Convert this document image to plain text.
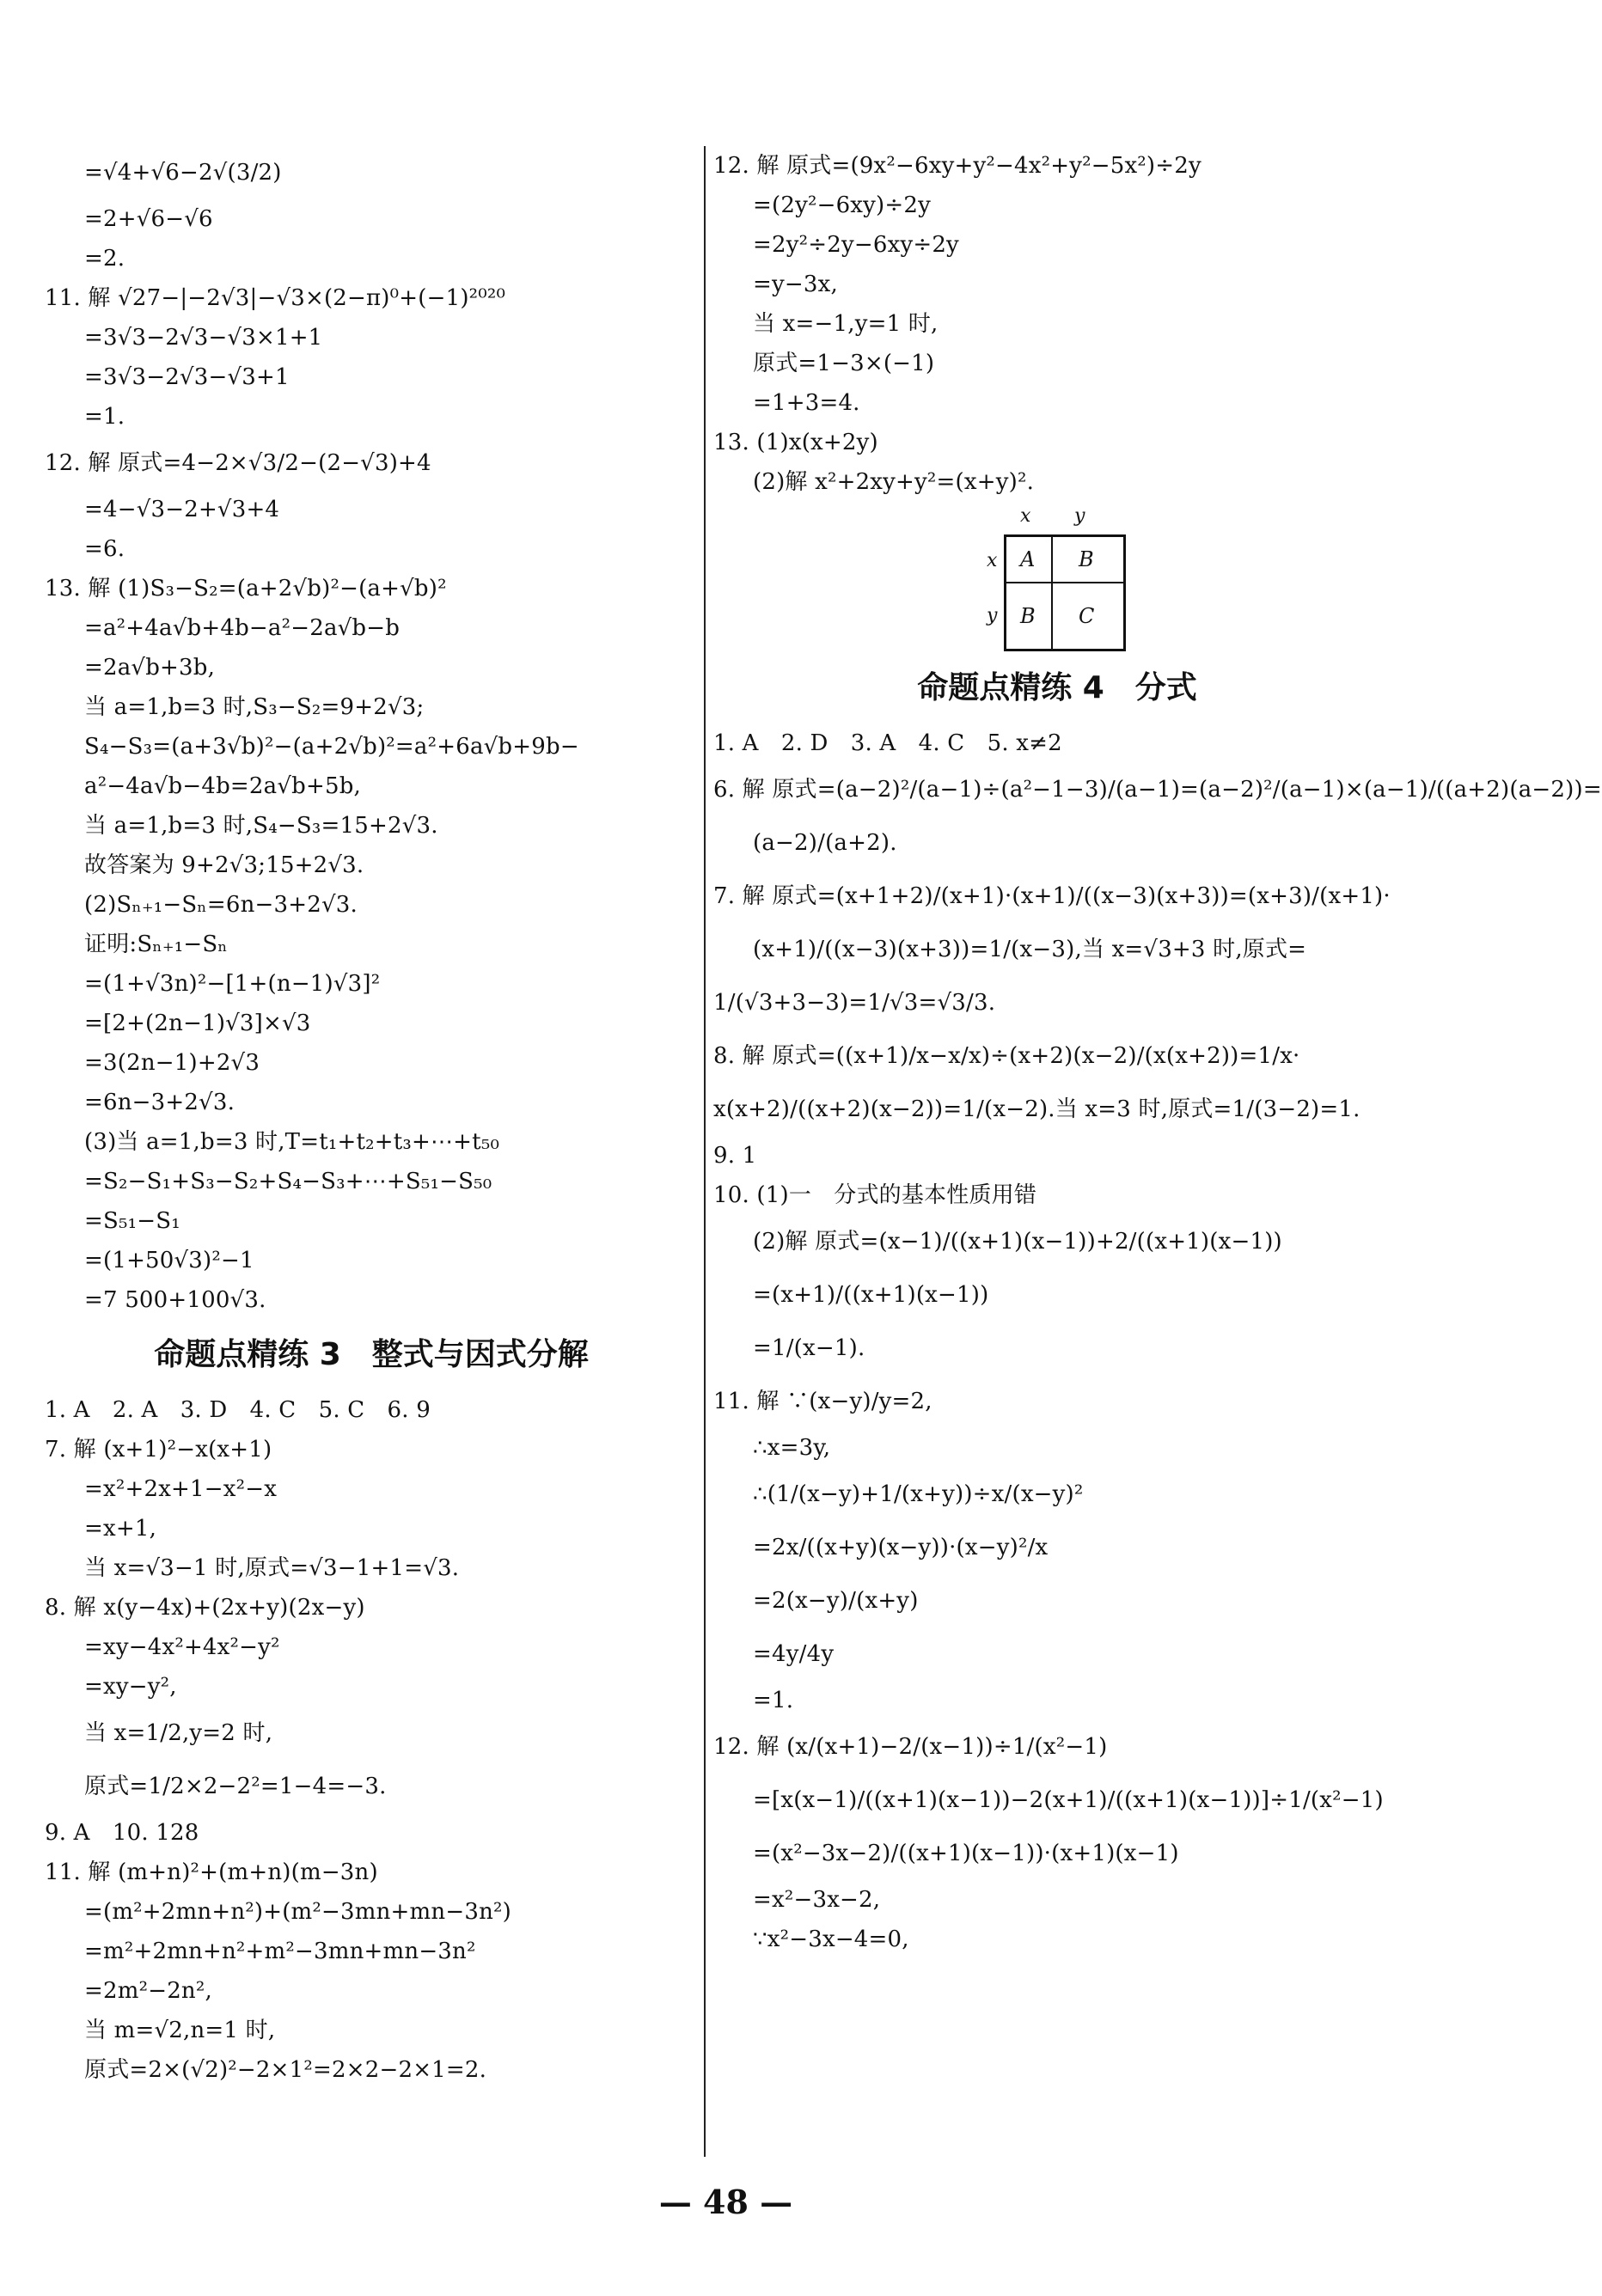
=√4+√6−2√(3/2)
=2+√6−√6
=2.
11. 解 √27−|−2√3|−√3×(2−π)⁰+(−1)²⁰²⁰
=3√3−2√3−√3×1+1
=3√3−2√3−√3+1
=1.
12. 解 原式=4−2×√3/2−(2−√3)+4
=4−√3−2+√3+4
=6.
13. 解 (1)S₃−S₂=(a+2√b)²−(a+√b)²
=a²+4a√b+4b−a²−2a√b−b
=2a√b+3b,
当 a=1,b=3 时,S₃−S₂=9+2√3;
S₄−S₃=(a+3√b)²−(a+2√b)²=a²+6a√b+9b−
a²−4a√b−4b=2a√b+5b,
当 a=1,b=3 时,S₄−S₃=15+2√3.
故答案为 9+2√3;15+2√3.
(2)Sₙ₊₁−Sₙ=6n−3+2√3.
证明:Sₙ₊₁−Sₙ
=(1+√3n)²−[1+(n−1)√3]²
=[2+(2n−1)√3]×√3
=3(2n−1)+2√3
=6n−3+2√3.
(3)当 a=1,b=3 时,T=t₁+t₂+t₃+⋯+t₅₀
=S₂−S₁+S₃−S₂+S₄−S₃+⋯+S₅₁−S₅₀
=S₅₁−S₁
=(1+50√3)²−1
=7 500+100√3.
命题点精练 3　整式与因式分解
1. A　2. A　3. D　4. C　5. C　6. 9
7. 解 (x+1)²−x(x+1)
=x²+2x+1−x²−x
=x+1,
当 x=√3−1 时,原式=√3−1+1=√3.
8. 解 x(y−4x)+(2x+y)(2x−y)
=xy−4x²+4x²−y²
=xy−y²,
当 x=1/2,y=2 时,
原式=1/2×2−2²=1−4=−3.
9. A　10. 128
11. 解 (m+n)²+(m+n)(m−3n)
=(m²+2mn+n²)+(m²−3mn+mn−3n²)
=m²+2mn+n²+m²−3mn+mn−3n²
=2m²−2n²,
当 m=√2,n=1 时,
原式=2×(√2)²−2×1²=2×2−2×1=2.
12. 解 原式=(9x²−6xy+y²−4x²+y²−5x²)÷2y
=(2y²−6xy)÷2y
=2y²÷2y−6xy÷2y
=y−3x,
当 x=−1,y=1 时,
原式=1−3×(−1)
=1+3=4.
13. (1)x(x+2y)
(2)解 x²+2xy+y²=(x+y)².
x y
x
y
A B
B C
命题点精练 4　分式
1. A　2. D　3. A　4. C　5. x≠2
6. 解 原式=(a−2)²/(a−1)÷(a²−1−3)/(a−1)=(a−2)²/(a−1)×(a−1)/((a+2)(a−2))=
(a−2)/(a+2).
7. 解 原式=(x+1+2)/(x+1)·(x+1)/((x−3)(x+3))=(x+3)/(x+1)·
(x+1)/((x−3)(x+3))=1/(x−3),当 x=√3+3 时,原式=
1/(√3+3−3)=1/√3=√3/3.
8. 解 原式=((x+1)/x−x/x)÷(x+2)(x−2)/(x(x+2))=1/x·
x(x+2)/((x+2)(x−2))=1/(x−2).当 x=3 时,原式=1/(3−2)=1.
9. 1
10. (1)一　分式的基本性质用错
(2)解 原式=(x−1)/((x+1)(x−1))+2/((x+1)(x−1))
=(x+1)/((x+1)(x−1))
=1/(x−1).
11. 解 ∵(x−y)/y=2,
∴x=3y,
∴(1/(x−y)+1/(x+y))÷x/(x−y)²
=2x/((x+y)(x−y))·(x−y)²/x
=2(x−y)/(x+y)
=4y/4y
=1.
12. 解 (x/(x+1)−2/(x−1))÷1/(x²−1)
=[x(x−1)/((x+1)(x−1))−2(x+1)/((x+1)(x−1))]÷1/(x²−1)
=(x²−3x−2)/((x+1)(x−1))·(x+1)(x−1)
=x²−3x−2,
∵x²−3x−4=0,
— 48 —
